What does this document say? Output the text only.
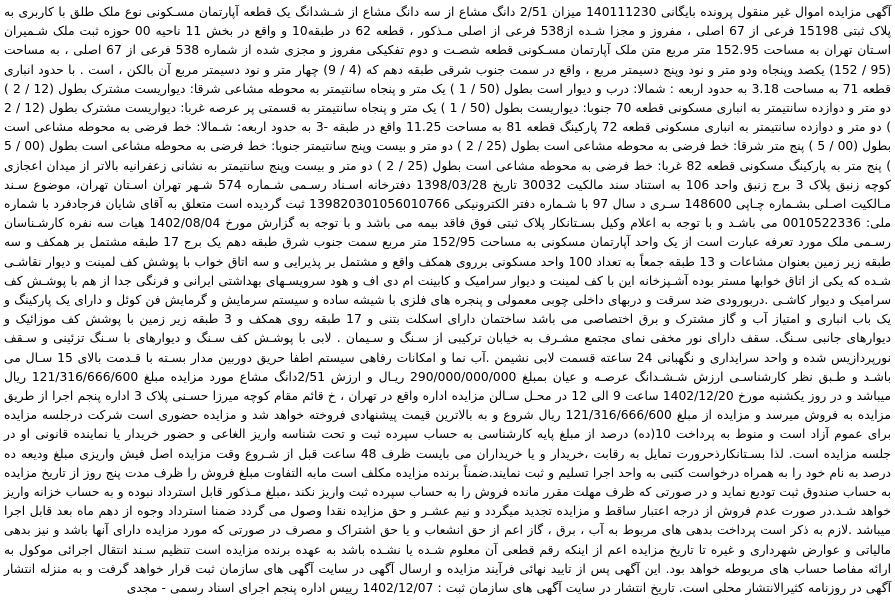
آگهی مزایده اموال غیر منقول پرونده بایگانی 140111230 میزان 2/51 دانگ مشاع از سه دانگ مشاع از شـشدانگ یک قطعه آپارتمان مسـکونی نوع ملک طلق با کاربری به پلاک ثبتی 15198 فرعی از 67 اصلی ، مفروز و مجزا شـده از538 فرعی از اصلی مـذکور ، قطعه 62 در طبقه10 و واقع در بخش 11 ناحیه 00 حوزه ثبت ملک شـمیران اسـتان تهران به مساحت 152.95 متر مربع متن ملک آپارتمان مسـکونی قطعه شصـت و دوم تفکیکی مفروز و مجزی شده از شماره 538 فرعی از 67 اصلی ، به مساحت (95 / 152) یکصد وپنجاه ودو متر و نود وپنج دسیمتر مربع ، واقع در سمت جنوب شرقی طبقه دهم که (4 / 9) چهار متر و نود دسیمتر مربع آن بالکن ، است . با حدود انباری قطعه 71 به مساحت 3.18 به حدود اربعه : شمالا: درب و دیوار است بطول (50 / 1 ) یک متر و پنجاه سانتیمتر به محوطه مشاعی شرقا: دیواریست مشترک بطول (12 / 2 ) دو متر و دوازده سانتیمتر به انباری مسکونی قطعه 70 جنوبا: دیواریست بطول (50 / 1 ) یک متر و پنجاه سانتیمتر به قسمتی پر عرصه غربا: دیواریست مشترک بطول (12 / 2 ) دو متر و دوازده سانتیمتر به انباری مسکونی قطعه 72 پارکینگ قطعه 81 به مساحت 11.25 واقع در طبقه -3 به حدود اربعه: شـمالا: خط فرضی به محوطه مشاعی است بطول (00 / 5 ) پنج متر شرقا: خط فرضی به محوطه مشاعی است بطول (25 / 2 ) دو متر و بیست وپنج سانتیمتر جنوبا: خط فرضی به محوطه مشاعی است بطول (00 / 5 ) پنج متر به پارکینگ مسکونی قطعه 82 غربا: خط فرضی به محوطه مشاعی است بطول (25 / 2 ) دو متر و بیست وپنج سانتیمتر به نشانی زعفرانیه بالاتر از میدان اعجازی کوچه زنبق پلاک 3 برج زنبق واحد 106 به استناد سند مالکیت 30032 تاریخ 1398/03/28 دفترخانه اسـناد رسـمی شـماره 574 شـهر تهران اسـتان تهران، موضوع سـند مـالکیت اصـلی بشـماره چـاپی 148600 سـری د سال 97 با شـماره دفتر الکترونیکی 139820301056010766 ثبت گردیده است متعلق به آقای شایان فرجادفرد با شماره ملی: 0010522336 می باشـد و با توجه به اعلام وکیل بسـتانکار پلاک ثبتی فوق فاقد بیمه می باشد و با توجه به گزارش مورخ 1402/08/04 هیات سه نفره کارشـناسان رسـمی ملک مورد تعرفه عبارت است از یک واحد آپارتمان مسکونی به مساحت 152/95 متر مربع سمت جنوب شرق طبقه دهم یک برج 17 طبقه مشتمل بر همکف و سه طبقه زیر زمین بعنوان مشاعات و 13 طبقه جمعاً به تعداد 100 واحد مسکونی برروی همکف واقع و مشتمل بر پذیرایی و سه اتاق خواب با پوشش کف لمینت و دیوار نقاشـی شـده که یکی از اتاق خوابها مستر بوده آشـپزخانه این با کف لمینت و دیوار سرامیک و کابینت ام دی اف و هود سرویسـهای بهداشتی ایرانی و فرنگی جدا از هم با پوشـش کف سرامیک و دیوار کاشـی .دربورودی ضد سرقت و دربهای داخلی چوبی معمولی و پنجره های فلزی با شیشه ساده و سیستم سرمایش و گرمایش فن کوئل و دارای یک پارکینگ و یک باب انباری و امتیاز آب و گاز مشترک و برق اختصاصی می باشد ساختمان دارای اسکلت بتنی و 17 طبقه روی همکف و 3 طبقه زیر زمین با پوشش کف موزائیک و دیوارهای جانبی سـنگ. سقف دارای نور مخفی نمای مجتمع مشـرف به خیابان ترکیبی از سـنگ و سـیمان . لابی با پوشـش کف سـنگ و دیوارهای با سـنگ تزئینی و سـقف نورپردازیس شده و واحد سرایداری و نگهبانی 24 ساعته قسمت لابی نشیمن .آب نما و امکانات رفاهی سیستم اطفا حریق دوربین مدار بسـته با قـدمت بالای 15 سـال می باشـد و طـبق نظر کارشناسـی ارزش شـشـدانگ عرصـه و عیان بمبلغ 290/000/000/000 ریـال و ارزش 2/51دانگ مشاع مورد مزایده مبلغ 121/316/666/600 ریال میباشد و در روز یکشنبه مورخ 1402/12/20 ساعت 9 الی 12 در محـل سـالن مزایده اداره واقع در تهران ، خ قائم مقام کوچه میرزا حسـنی پلاک 3 اداره پنجم اجرا از طریق مزایده به فروش میرسد و مزایده از مبلغ 121/316/666/600 ریال شروع و به بالاترین قیمت پیشنهادی فروخته خواهد شد و مزایده حضوری است شرکت درجلسه مزایده برای عموم آزاد است و منوط به پرداخت 10(ده) درصد از مبلغ پایه کارشناسی به حساب سپرده ثبت و تحت شناسه واریز الغاعی و حضور خریدار یا نماینده قانونی او در جلسه مزایده است. لذا بسـتانکارذحرورت تمایل به رقابت ،خریدار و یا خریداران می بایست ظرف 48 ساعت قبل از شـروع وقت مزایده اصل فیش واریزی مبلغ ودیعه ده درصد به نام خود را به همراه درخواست کتبی به واحد اجرا تسلیم و ثبت نمایند.ضمناً برنده مزایده مکلف است مابه التفاوت مبلغ فروش را ظرف مدت پنج روز از تاریخ مزایده به حساب صندوق ثبت تودیع نماید و در صورتی که ظرف مهلت مقرر مانده فروش را به حساب سپرده ثبت واریز نکند ،مبلغ مـذکور قابل استرداد نبوده و به حساب خزانه واریز خواهد شـد.در صورت عدم فروش از درجه اعتبار ساقط و مزایده تجدید میگردد و نیم عشـر و حق مزایده نقدا وصول می گردد ضمنا استرداد وجوه از دهم ماه بعد قابل اجرا میباشد .لازم به ذکر است پرداخت بدهی های مربوط به آب ، برق ، گاز اعم از حق انشعاب و یا حق اشتراک و مصرف در صورتی که مورد مزایده دارای آنها باشد و نیز بدهی مالیاتی و عوارض شهرداری و غیره تا تاریخ مزایده اعم از اینکه رقم قطعی آن معلوم شـده یا نشـده باشد به عهده برنده مزایده است تنظیم سـند انتقال اجرائی موکول به ارائه مفاصا حساب های مربوطه خواهد بود. این آگهی پس از تایید نهائی فرآیند مزایده و ارسال آگهی در سایت آگهی های سازمان ثبت قرار خواهد گرفت و به منزله انتشار آگهی در روزنامه کثیرالانتشار محلی است. تاریخ انتشار در سایت آگهی های سازمان ثبت : 1402/12/07 رییس اداره پنجم اجرای اسناد رسمی - مجدی
